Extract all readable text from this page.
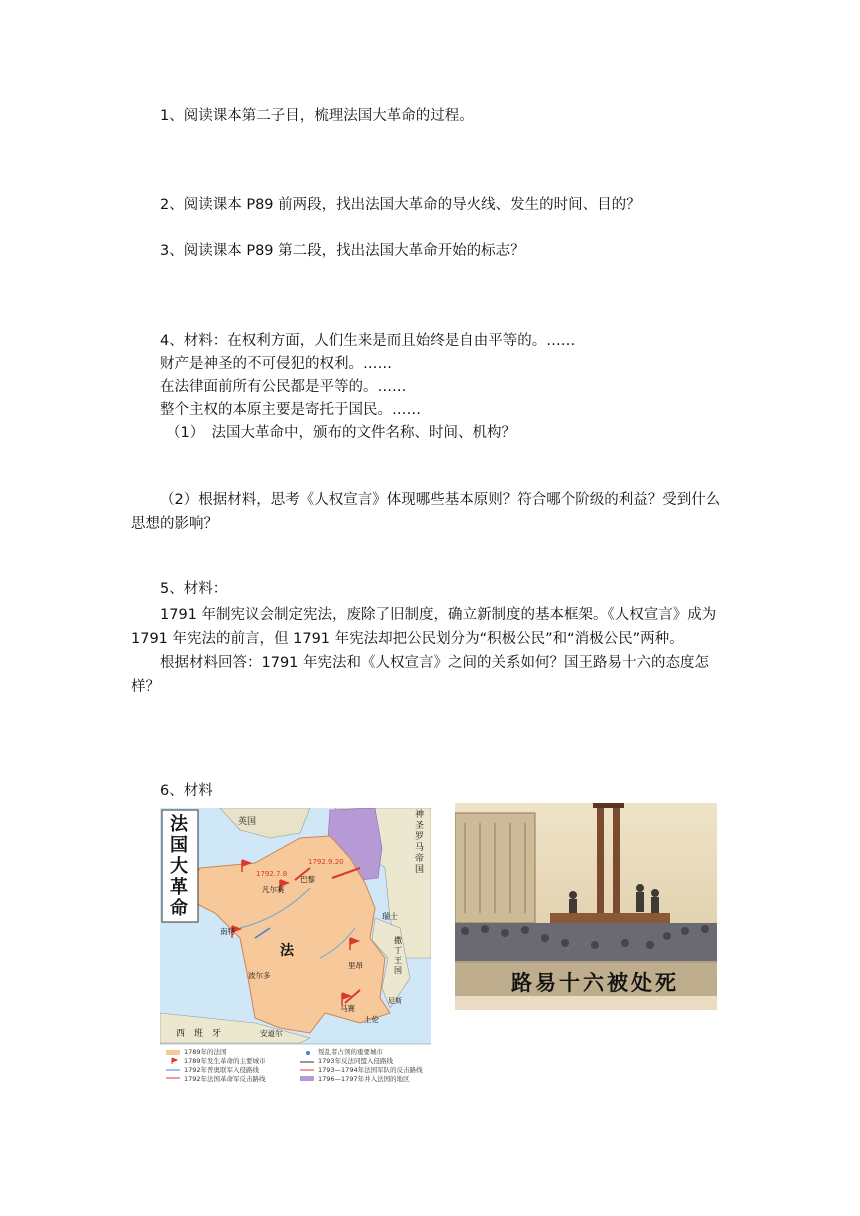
1、阅读课本第二子目，梳理法国大革命的过程。
2、阅读课本 P89 前两段，找出法国大革命的导火线、发生的时间、目的？
3、阅读课本 P89 第二段，找出法国大革命开始的标志？
4、材料：在权利方面，人们生来是而且始终是自由平等的。……
财产是神圣的不可侵犯的权利。……
在法律面前所有公民都是平等的。……
整个主权的本原主要是寄托于国民。……
（1）　法国大革命中，颁布的文件名称、时间、机构？
（2）根据材料，思考《人权宣言》体现哪些基本原则？符合哪个阶级的利益？受到什么思想的影响？
5、材料：
1791 年制宪议会制定宪法，废除了旧制度，确立新制度的基本框架。《人权宣言》成为 1791 年宪法的前言，但 1791 年宪法却把公民划分为“积极公民”和“消极公民”两种。
根据材料回答：1791 年宪法和《人权宣言》之间的关系如何？国王路易十六的态度怎样？
6、材料
法
国
大
革
命
英国
神圣罗马帝国
1792.9.20
1792.7.8
巴黎
凡尔赛
南特
瑞士
法
里昂
撒丁王国
波尔多
马赛
土伦
尼斯
西　班　牙	安道尔
1789年的法国
1789年发生革命的主要城市
1792年普奥联军入侵路线
1792年法国革命军反击路线
叛乱者占领的重要城市
1793年反法同盟入侵路线
1793—1794年法国军队的反击路线
1796—1797年并入法国的地区
路易十六被处死
